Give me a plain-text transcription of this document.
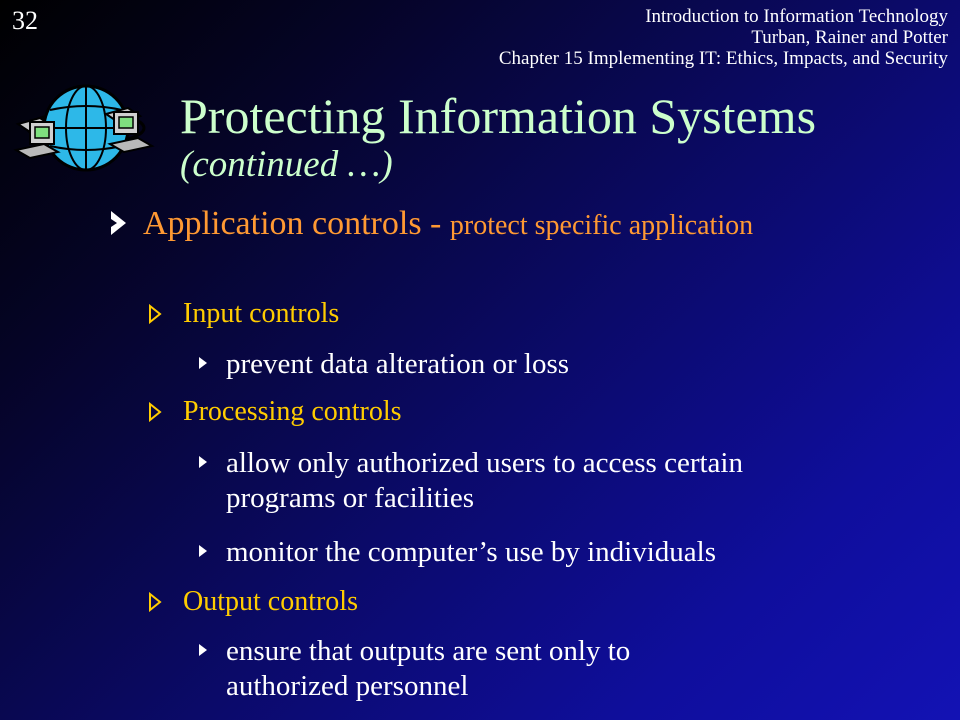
32	Introduction to Information Technology
Turban, Rainer and Potter
Chapter 15 Implementing IT: Ethics, Impacts, and Security
Protecting Information Systems
(continued …)
Application controls - protect specific application
Input controls
prevent data alteration or loss
Processing controls
allow only authorized users to access certain programs or facilities
monitor the computer’s use by individuals
Output controls
ensure that outputs are sent only to authorized personnel
